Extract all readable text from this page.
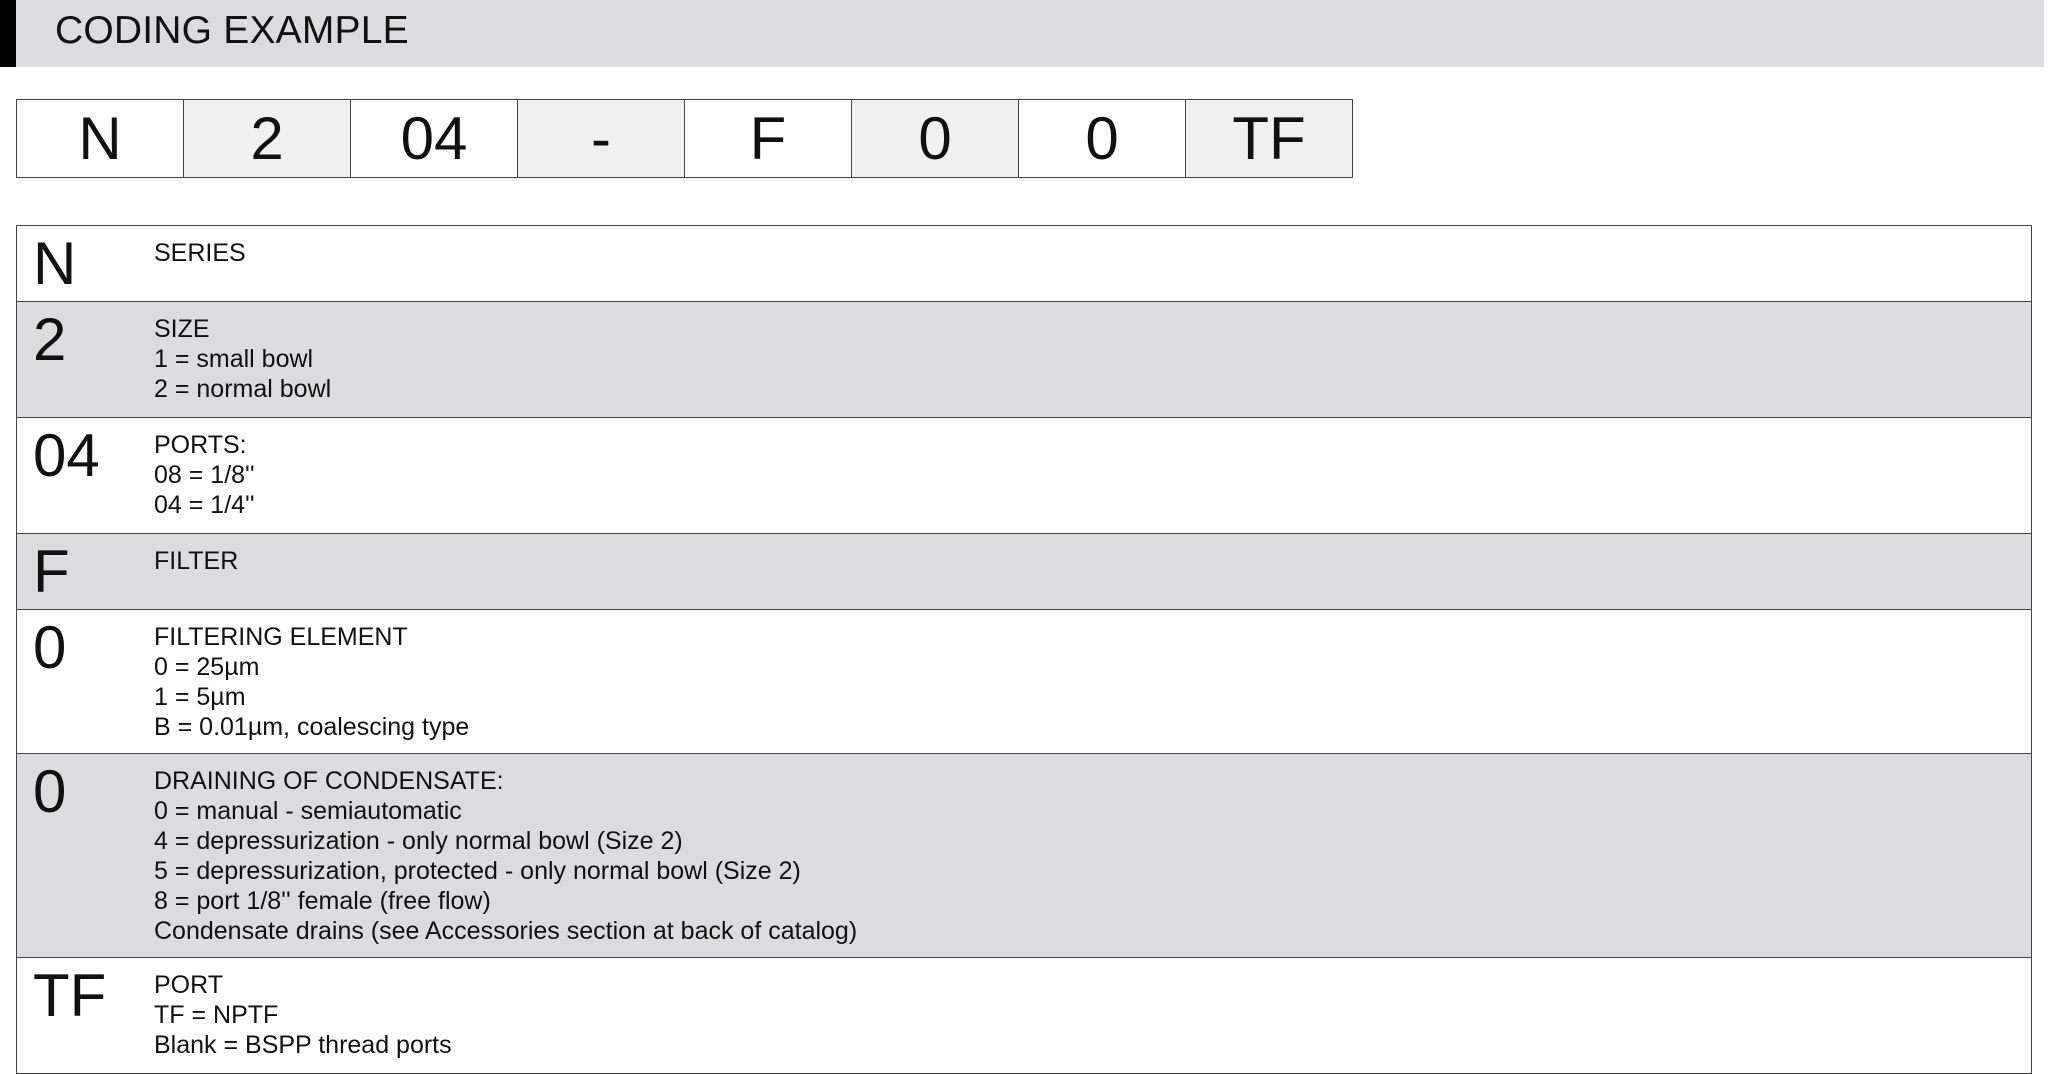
CODING EXAMPLE
N	2	04	-	F	0	0	TF
N	SERIES
2	SIZE
1 = small bowl
2 = normal bowl
04 PORTS:
08 = 1/8''
04 = 1/4''
F	FILTER
0	FILTERING ELEMENT
0 = 25µm
1 = 5µm
B = 0.01µm, coalescing type
0	DRAINING OF CONDENSATE:
0 = manual - semiautomatic
4 = depressurization - only normal bowl (Size 2)
5 = depressurization, protected - only normal bowl (Size 2)
8 = port 1/8'' female (free flow)
Condensate drains (see Accessories section at back of catalog)
TF PORT
TF = NPTF
Blank = BSPP thread ports
